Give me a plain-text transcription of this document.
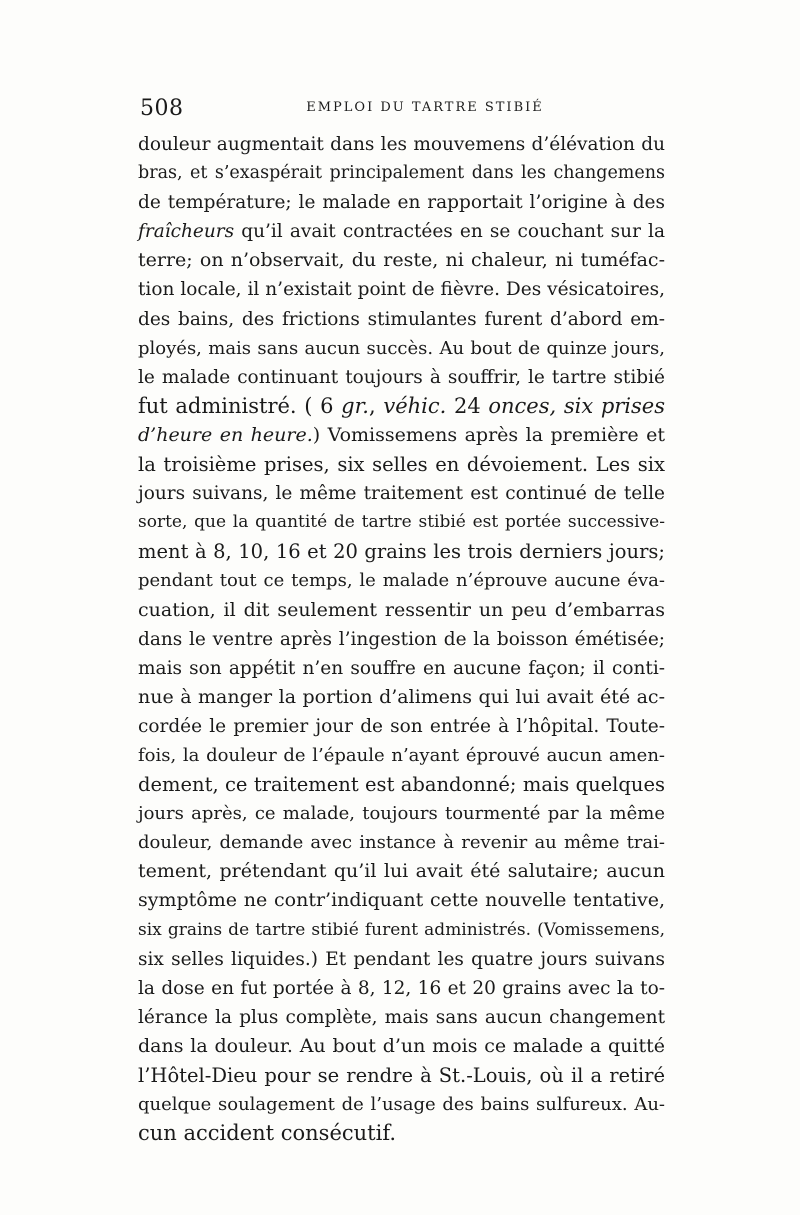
508	EMPLOI DU TARTRE STIBIÉ
douleur augmentait dans les mouvemens d’élévation du
bras, et s’exaspérait principalement dans les changemens
de température; le malade en rapportait l’origine à des
fraîcheurs qu’il avait contractées en se couchant sur la
terre; on n’observait, du reste, ni chaleur, ni tuméfac-
tion locale, il n’existait point de fièvre. Des vésicatoires,
des bains, des frictions stimulantes furent d’abord em-
ployés, mais sans aucun succès. Au bout de quinze jours,
le malade continuant toujours à souffrir, le tartre stibié
fut administré. ( 6 gr., véhic. 24 onces, six prises
d’heure en heure.) Vomissemens après la première et
la troisième prises, six selles en dévoiement. Les six
jours suivans, le même traitement est continué de telle
sorte, que la quantité de tartre stibié est portée successive-
ment à 8, 10, 16 et 20 grains les trois derniers jours;
pendant tout ce temps, le malade n’éprouve aucune éva-
cuation, il dit seulement ressentir un peu d’embarras
dans le ventre après l’ingestion de la boisson émétisée;
mais son appétit n’en souffre en aucune façon; il conti-
nue à manger la portion d’alimens qui lui avait été ac-
cordée le premier jour de son entrée à l’hôpital. Toute-
fois, la douleur de l’épaule n’ayant éprouvé aucun amen-
dement, ce traitement est abandonné; mais quelques
jours après, ce malade, toujours tourmenté par la même
douleur, demande avec instance à revenir au même trai-
tement, prétendant qu’il lui avait été salutaire; aucun
symptôme ne contr’indiquant cette nouvelle tentative,
six grains de tartre stibié furent administrés. (Vomissemens,
six selles liquides.) Et pendant les quatre jours suivans
la dose en fut portée à 8, 12, 16 et 20 grains avec la to-
lérance la plus complète, mais sans aucun changement
dans la douleur. Au bout d’un mois ce malade a quitté
l’Hôtel-Dieu pour se rendre à St.-Louis, où il a retiré
quelque soulagement de l’usage des bains sulfureux. Au-
cun accident consécutif.
